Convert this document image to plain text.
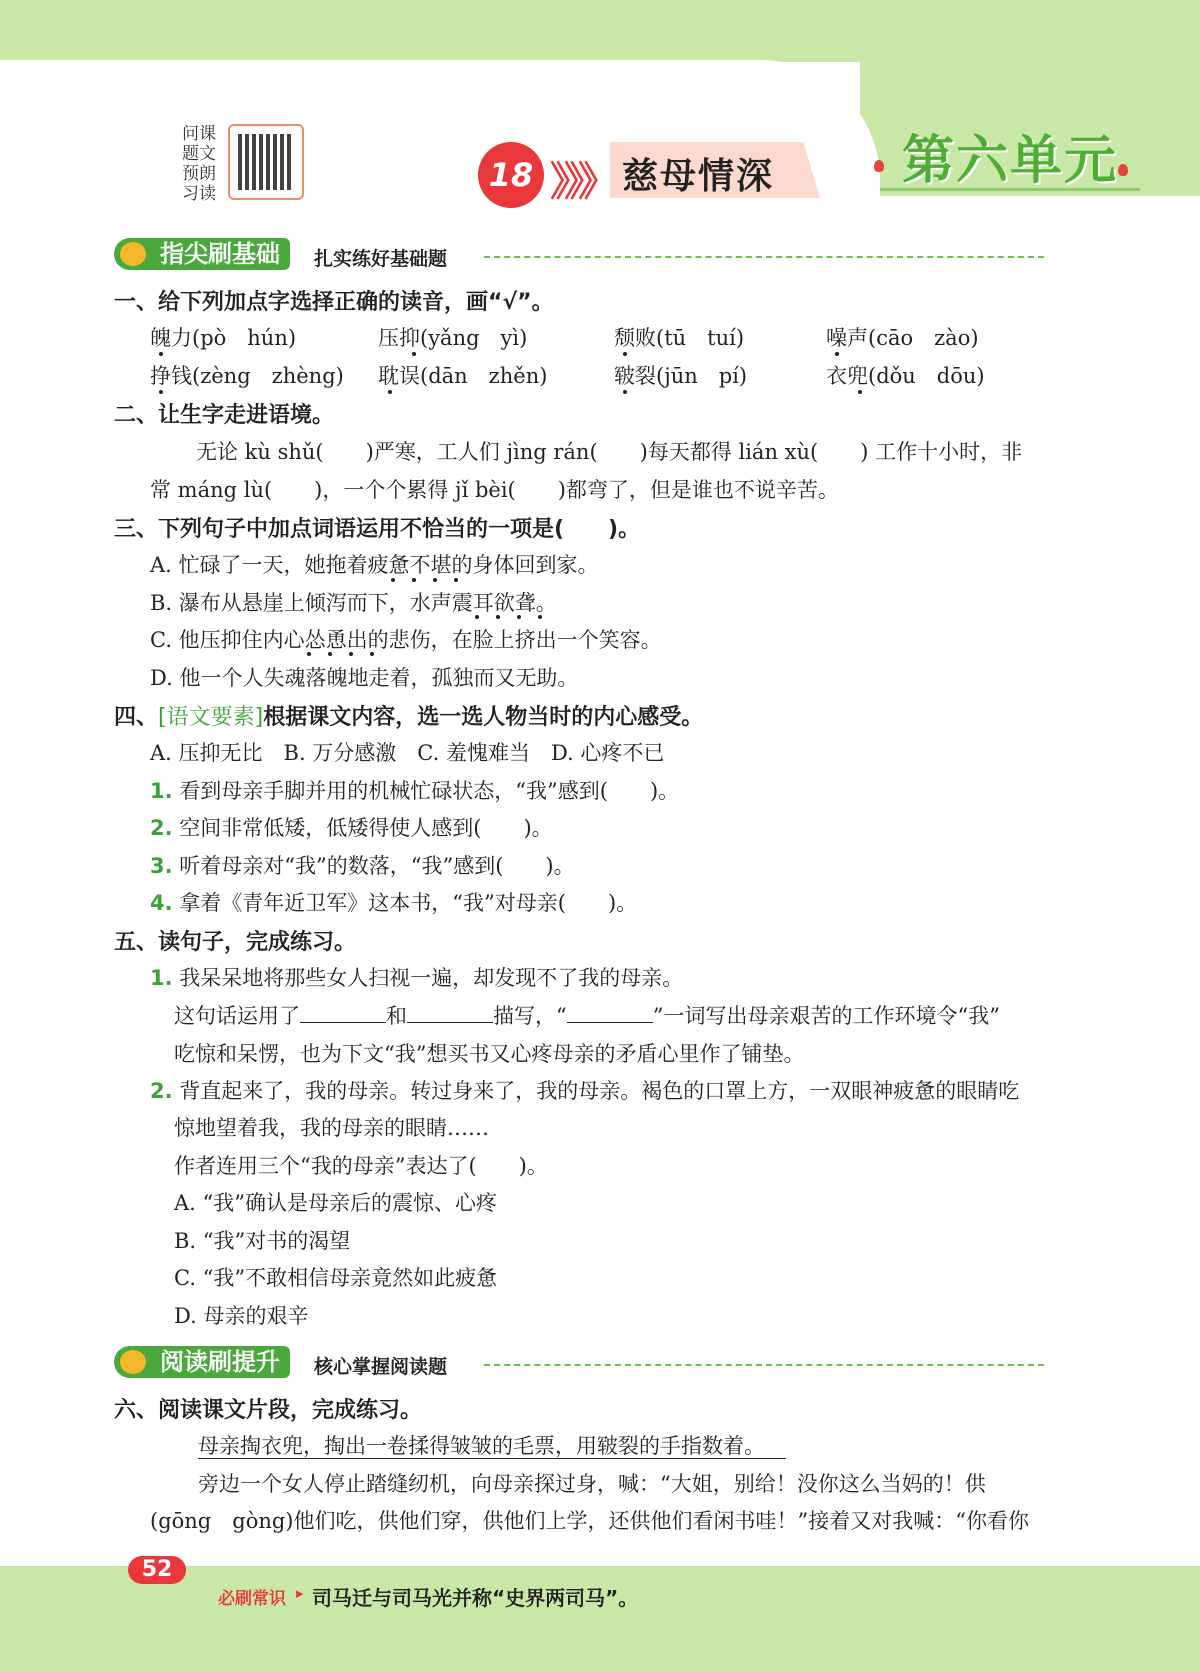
第六单元
问课题文预朗习读	18 》》》 慈母情深
指尖刷基础	扎实练好基础题
一、给下列加点字选择正确的读音，画“√”。
魄力(pò　hún)	压抑(yǎng　yì)	颓败(tū　tuí)	噪声(cāo　zào)
挣钱(zèng　zhèng) 耽误(dān　zhěn)	皲裂(jūn　pí)	衣兜(dǒu　dōu)
二、让生字走进语境。
无论 kù shǔ(　　)严寒，工人们 jìng rán(　　)每天都得 lián xù(　　) 工作十小时，非
常 máng lù(　　)，一个个累得 jǐ bèi(　　)都弯了，但是谁也不说辛苦。
三、下列句子中加点词语运用不恰当的一项是(　　)。
A. 忙碌了一天，她拖着疲惫不堪的身体回到家。
B. 瀑布从悬崖上倾泻而下，水声震耳欲聋。
C. 他压抑住内心怂恿出的悲伤，在脸上挤出一个笑容。
D. 他一个人失魂落魄地走着，孤独而又无助。
四、[语文要素]根据课文内容，选一选人物当时的内心感受。
A. 压抑无比　B. 万分感激　C. 羞愧难当　D. 心疼不已
1. 看到母亲手脚并用的机械忙碌状态，“我”感到(　　)。
2. 空间非常低矮，低矮得使人感到(　　)。
3. 听着母亲对“我”的数落，“我”感到(　　)。
4. 拿着《青年近卫军》这本书，“我”对母亲(　　)。
五、读句子，完成练习。
1. 我呆呆地将那些女人扫视一遍，却发现不了我的母亲。
这句话运用了	和	描写，“	”一词写出母亲艰苦的工作环境令“我”
吃惊和呆愣，也为下文“我”想买书又心疼母亲的矛盾心里作了铺垫。
2. 背直起来了，我的母亲。转过身来了，我的母亲。褐色的口罩上方，一双眼神疲惫的眼睛吃
惊地望着我，我的母亲的眼睛……
作者连用三个“我的母亲”表达了(　　)。
A. “我”确认是母亲后的震惊、心疼
B. “我”对书的渴望
C. “我”不敢相信母亲竟然如此疲惫
D. 母亲的艰辛
阅读刷提升	核心掌握阅读题
六、阅读课文片段，完成练习。
母亲掏衣兜，掏出一卷揉得皱皱的毛票，用皲裂的手指数着。
旁边一个女人停止踏缝纫机，向母亲探过身，喊：“大姐，别给！没你这么当妈的！供
(gōng　gòng)他们吃，供他们穿，供他们上学，还供他们看闲书哇！”接着又对我喊：“你看你
52
必刷常识 ▸ 司马迁与司马光并称“史界两司马”。
